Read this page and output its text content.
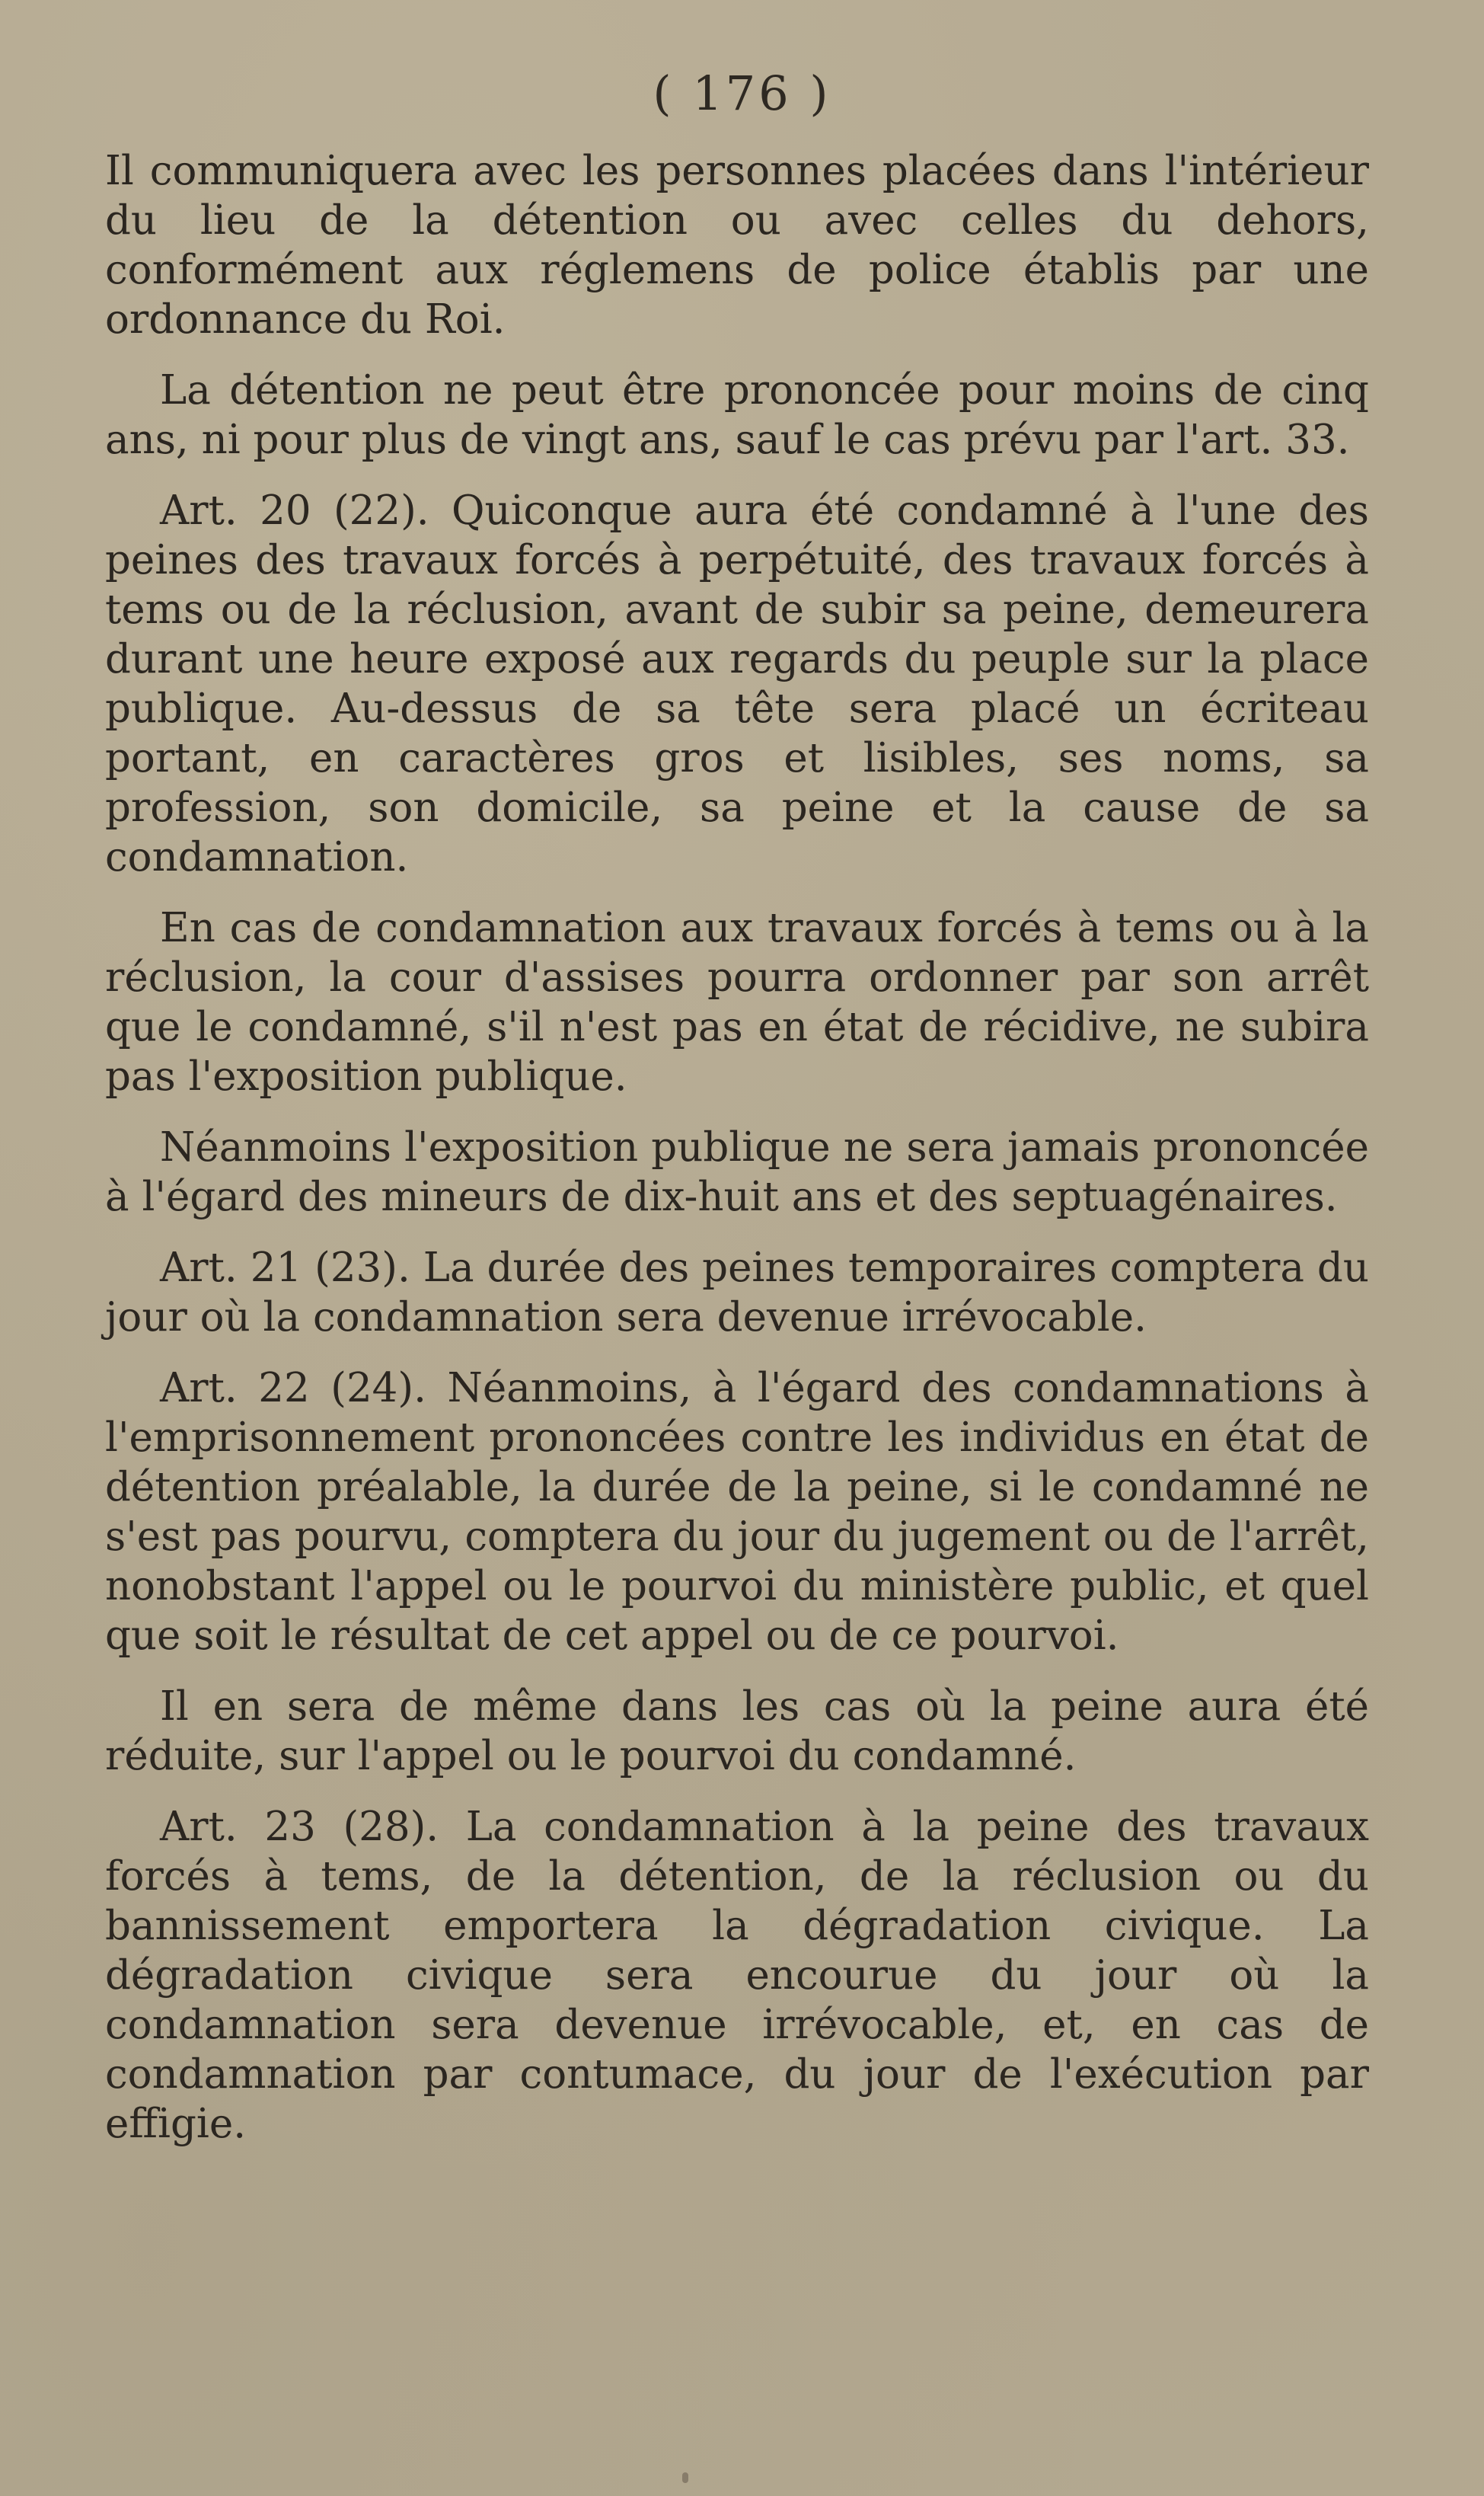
( 176 )

Il communiquera avec les personnes placées dans l'intérieur du lieu de la détention ou avec celles du dehors, conformément aux réglemens de police établis par une ordonnance du Roi.

La détention ne peut être prononcée pour moins de cinq ans, ni pour plus de vingt ans, sauf le cas prévu par l'art. 33.

Art. 20 (22). Quiconque aura été condamné à l'une des peines des travaux forcés à perpétuité, des travaux forcés à tems ou de la réclusion, avant de subir sa peine, demeurera durant une heure exposé aux regards du peuple sur la place publique. Au-dessus de sa tête sera placé un écriteau portant, en caractères gros et lisibles, ses noms, sa profession, son domicile, sa peine et la cause de sa condamnation.

En cas de condamnation aux travaux forcés à tems ou à la réclusion, la cour d'assises pourra ordonner par son arrêt que le condamné, s'il n'est pas en état de récidive, ne subira pas l'exposition publique.

Néanmoins l'exposition publique ne sera jamais prononcée à l'égard des mineurs de dix-huit ans et des septuagénaires.

Art. 21 (23). La durée des peines temporaires comptera du jour où la condamnation sera devenue irrévocable.

Art. 22 (24). Néanmoins, à l'égard des condamnations à l'emprisonnement prononcées contre les individus en état de détention préalable, la durée de la peine, si le condamné ne s'est pas pourvu, comptera du jour du jugement ou de l'arrêt, nonobstant l'appel ou le pourvoi du ministère public, et quel que soit le résultat de cet appel ou de ce pourvoi.

Il en sera de même dans les cas où la peine aura été réduite, sur l'appel ou le pourvoi du condamné.

Art. 23 (28). La condamnation à la peine des travaux forcés à tems, de la détention, de la réclusion ou du bannissement emportera la dégradation civique. La dégradation civique sera encourue du jour où la condamnation sera devenue irrévocable, et, en cas de condamnation par contumace, du jour de l'exécution par effigie.
